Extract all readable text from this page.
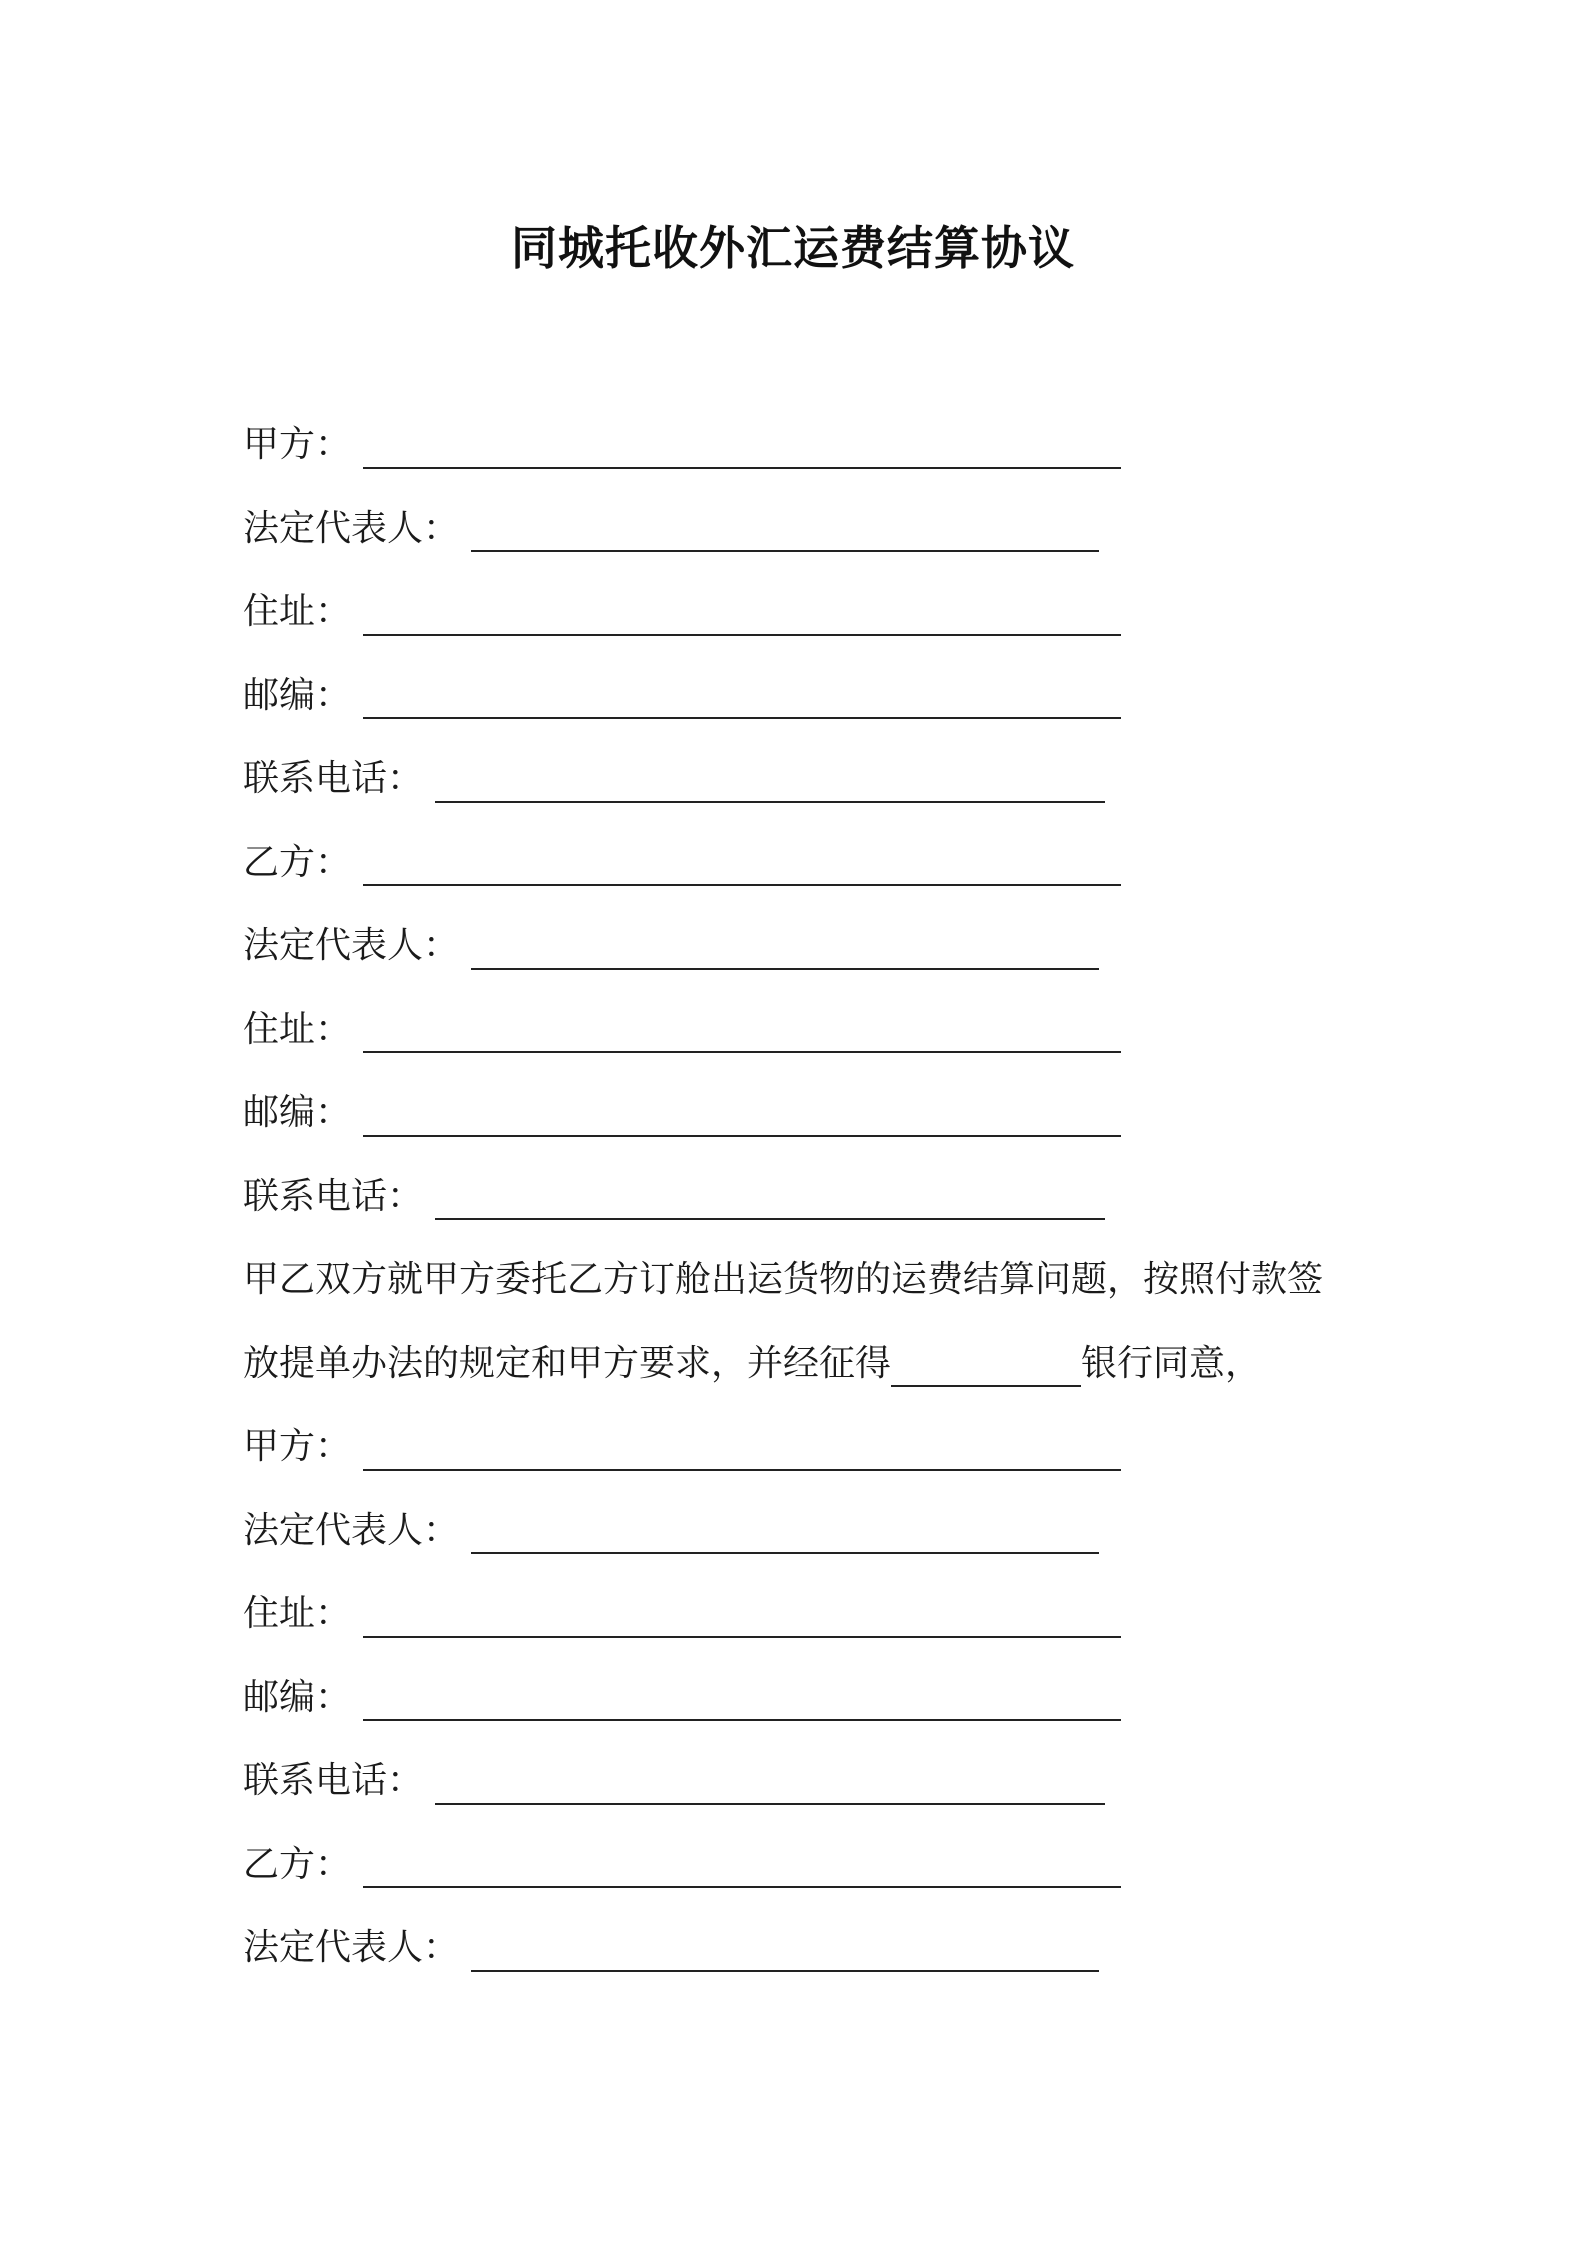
同城托收外汇运费结算协议
甲方：
法定代表人：
住址：
邮编：
联系电话：
乙方：
法定代表人：
住址：
邮编：
联系电话：
甲乙双方就甲方委托乙方订舱出运货物的运费结算问题，按照付款签
放提单办法的规定和甲方要求，并经征得	银行同意，
甲方：
法定代表人：
住址：
邮编：
联系电话：
乙方：
法定代表人：
